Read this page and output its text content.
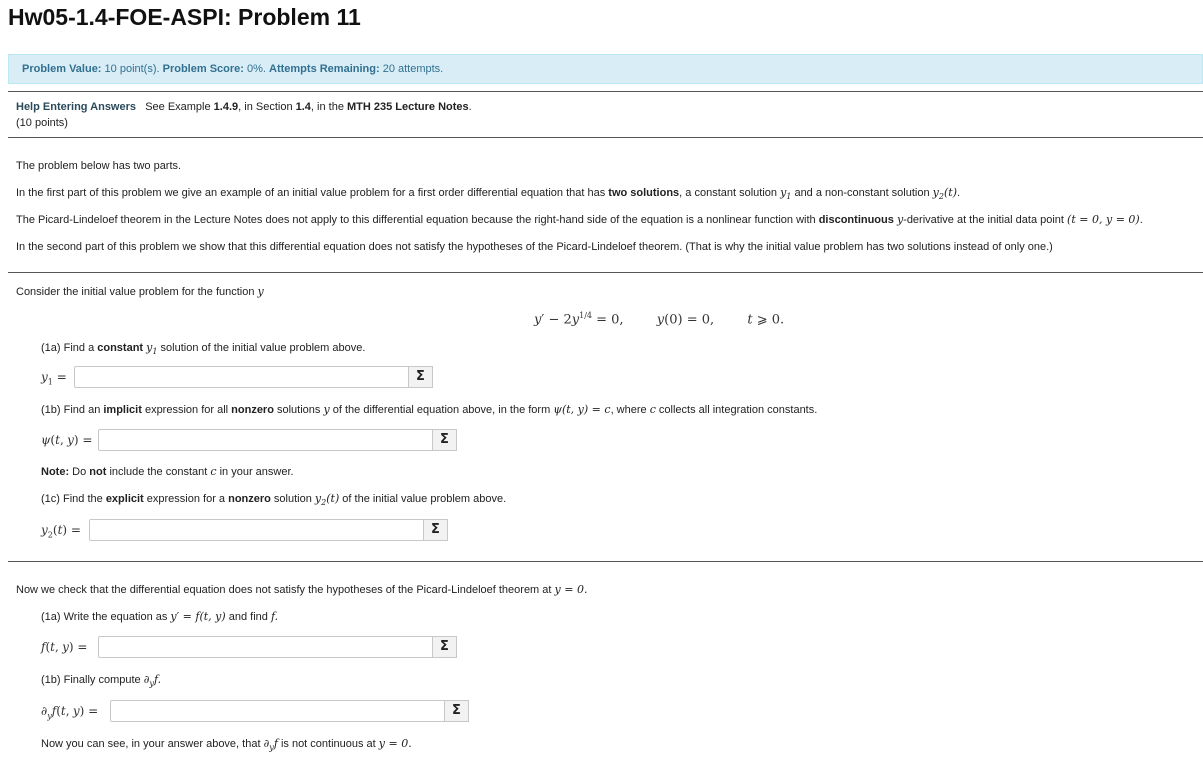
Hw05-1.4-FOE-ASPI: Problem 11
Problem Value: 10 point(s). Problem Score: 0%. Attempts Remaining: 20 attempts.
Help Entering Answers See Example 1.4.9, in Section 1.4, in the MTH 235 Lecture Notes.
(10 points)
The problem below has two parts.
In the first part of this problem we give an example of an initial value problem for a first order differential equation that has two solutions, a constant solution $y_1$ and a non-constant solution $y_2(t)$.
The Picard-Lindeloef theorem in the Lecture Notes does not apply to this differential equation because the right-hand side of the equation is a nonlinear function with discontinuous y-derivative at the initial data point (t = 0, y = 0).
In the second part of this problem we show that this differential equation does not satisfy the hypotheses of the Picard-Lindeloef theorem. (That is why the initial value problem has two solutions instead of only one.)
Consider the initial value problem for the function y
$y' - 2y^{1/4} = 0$,	y(0) = 0,	t ⩾ 0.
(1a) Find a constant $y_1$ solution of the initial value problem above.
$y_1$ =	Σ
(1b) Find an implicit expression for all nonzero solutions y of the differential equation above, in the form ψ(t, y) = c, where c collects all integration constants.
ψ(t, y) =	Σ
Note: Do not include the constant c in your answer.
(1c) Find the explicit expression for a nonzero solution $y_2(t)$ of the initial value problem above.
$y_2(t)$ =	Σ
Now we check that the differential equation does not satisfy the hypotheses of the Picard-Lindeloef theorem at y = 0.
(1a) Write the equation as y′ = f(t, y) and find f.
f(t, y) =	Σ
(1b) Finally compute $\partial_yf$.
$\partial_yf(t$, y) =	Σ
Now you can see, in your answer above, that $\partial_yf$ is not continuous at y = 0.
